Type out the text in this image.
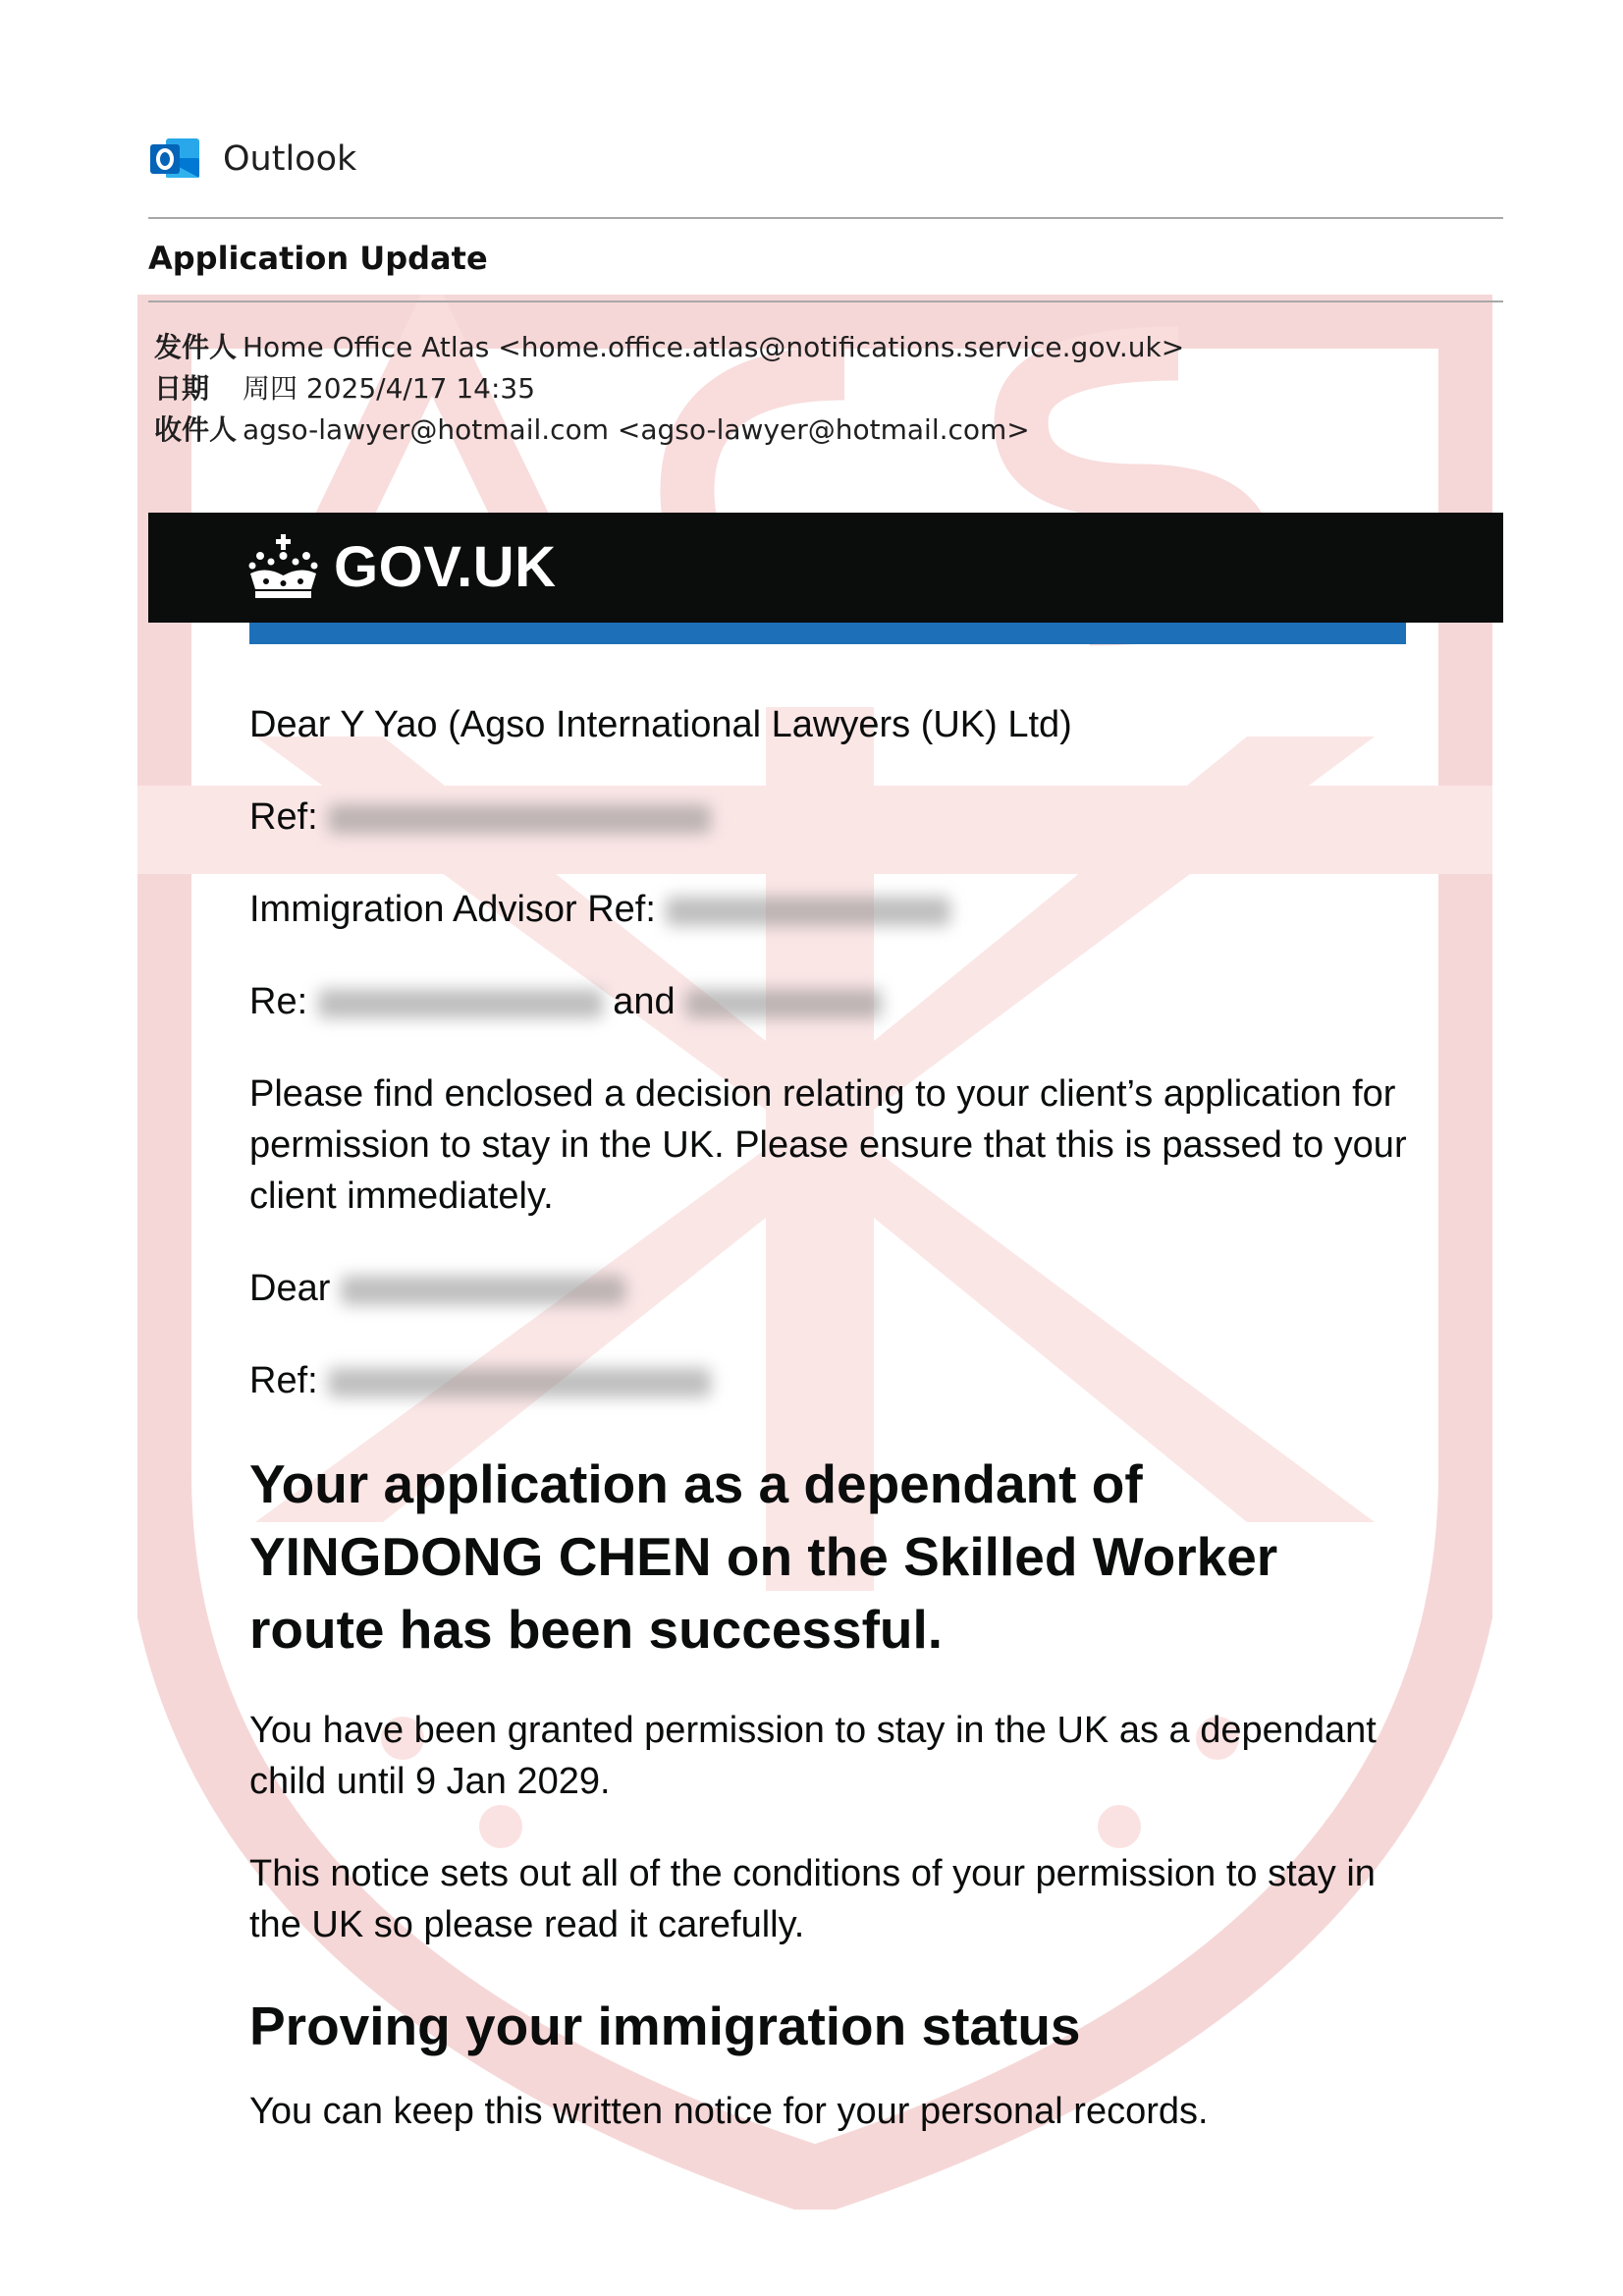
Outlook
Application Update
发件人 Home Office Atlas <home.office.atlas@notifications.service.gov.uk>
日期	周四 2025/4/17 14:35
收件人 agso-lawyer@hotmail.com <agso-lawyer@hotmail.com>
GOV.UK

Dear Y Yao (Agso International Lawyers (UK) Ltd)

Ref:

Immigration Advisor Ref:

Re:	and

Please find enclosed a decision relating to your client’s application for permission to stay in the UK. Please ensure that this is passed to your client immediately.

Dear

Ref:

Your application as a dependant of YINGDONG CHEN on the Skilled Worker route has been successful.

You have been granted permission to stay in the UK as a dependant child until 9 Jan 2029.

This notice sets out all of the conditions of your permission to stay in the UK so please read it carefully.

Proving your immigration status

You can keep this written notice for your personal records.
